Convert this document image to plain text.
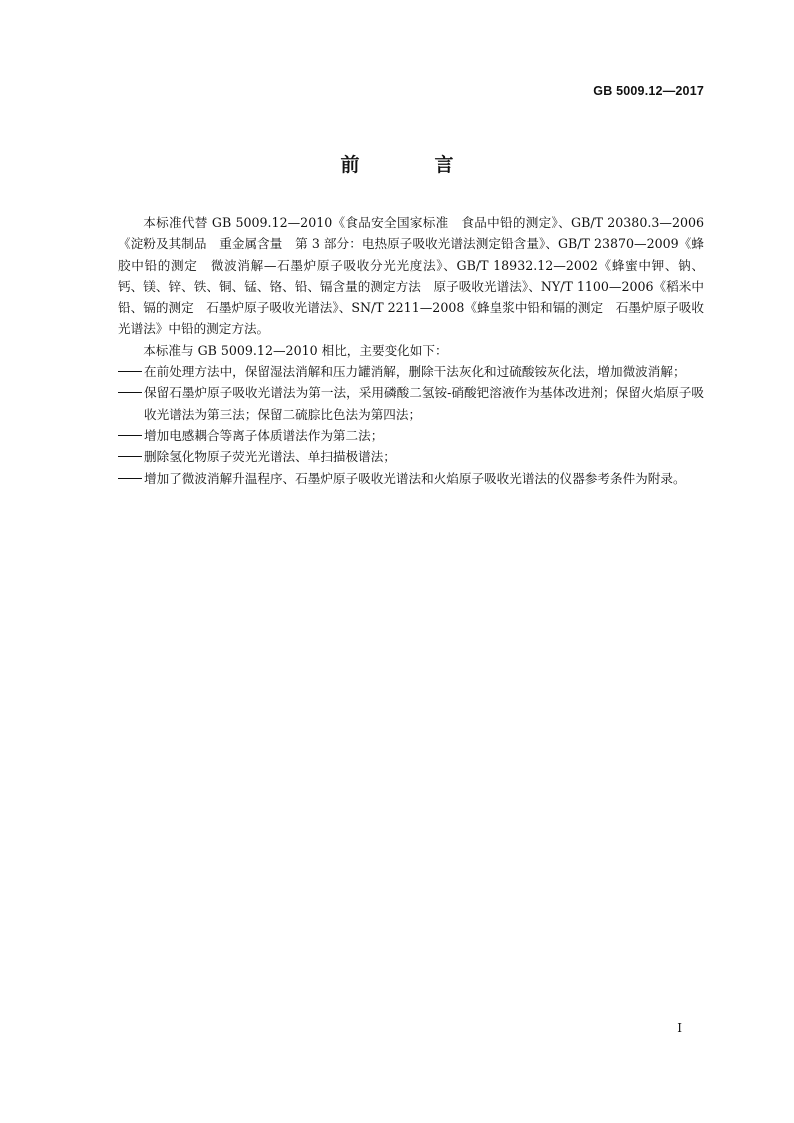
GB 5009.12—2017
前　言

本标准代替 GB 5009.12—2010《食品安全国家标准　食品中铅的测定》、GB/T 20380.3—2006《淀粉及其制品　重金属含量　第 3 部分：电热原子吸收光谱法测定铅含量》、GB/T 23870—2009《蜂胶中铅的测定　微波消解—石墨炉原子吸收分光光度法》、GB/T 18932.12—2002《蜂蜜中钾、钠、钙、镁、锌、铁、铜、锰、铬、铅、镉含量的测定方法　原子吸收光谱法》、NY/T 1100—2006《稻米中铅、镉的测定　石墨炉原子吸收光谱法》、SN/T 2211—2008《蜂皇浆中铅和镉的测定　石墨炉原子吸收光谱法》中铅的测定方法。

本标准与 GB 5009.12—2010 相比，主要变化如下：

在前处理方法中，保留湿法消解和压力罐消解，删除干法灰化和过硫酸铵灰化法，增加微波消解；

保留石墨炉原子吸收光谱法为第一法，采用磷酸二氢铵-硝酸钯溶液作为基体改进剂；保留火焰原子吸收光谱法为第三法；保留二硫腙比色法为第四法；

增加电感耦合等离子体质谱法作为第二法；

删除氢化物原子荧光光谱法、单扫描极谱法；

增加了微波消解升温程序、石墨炉原子吸收光谱法和火焰原子吸收光谱法的仪器参考条件为附录。

I
